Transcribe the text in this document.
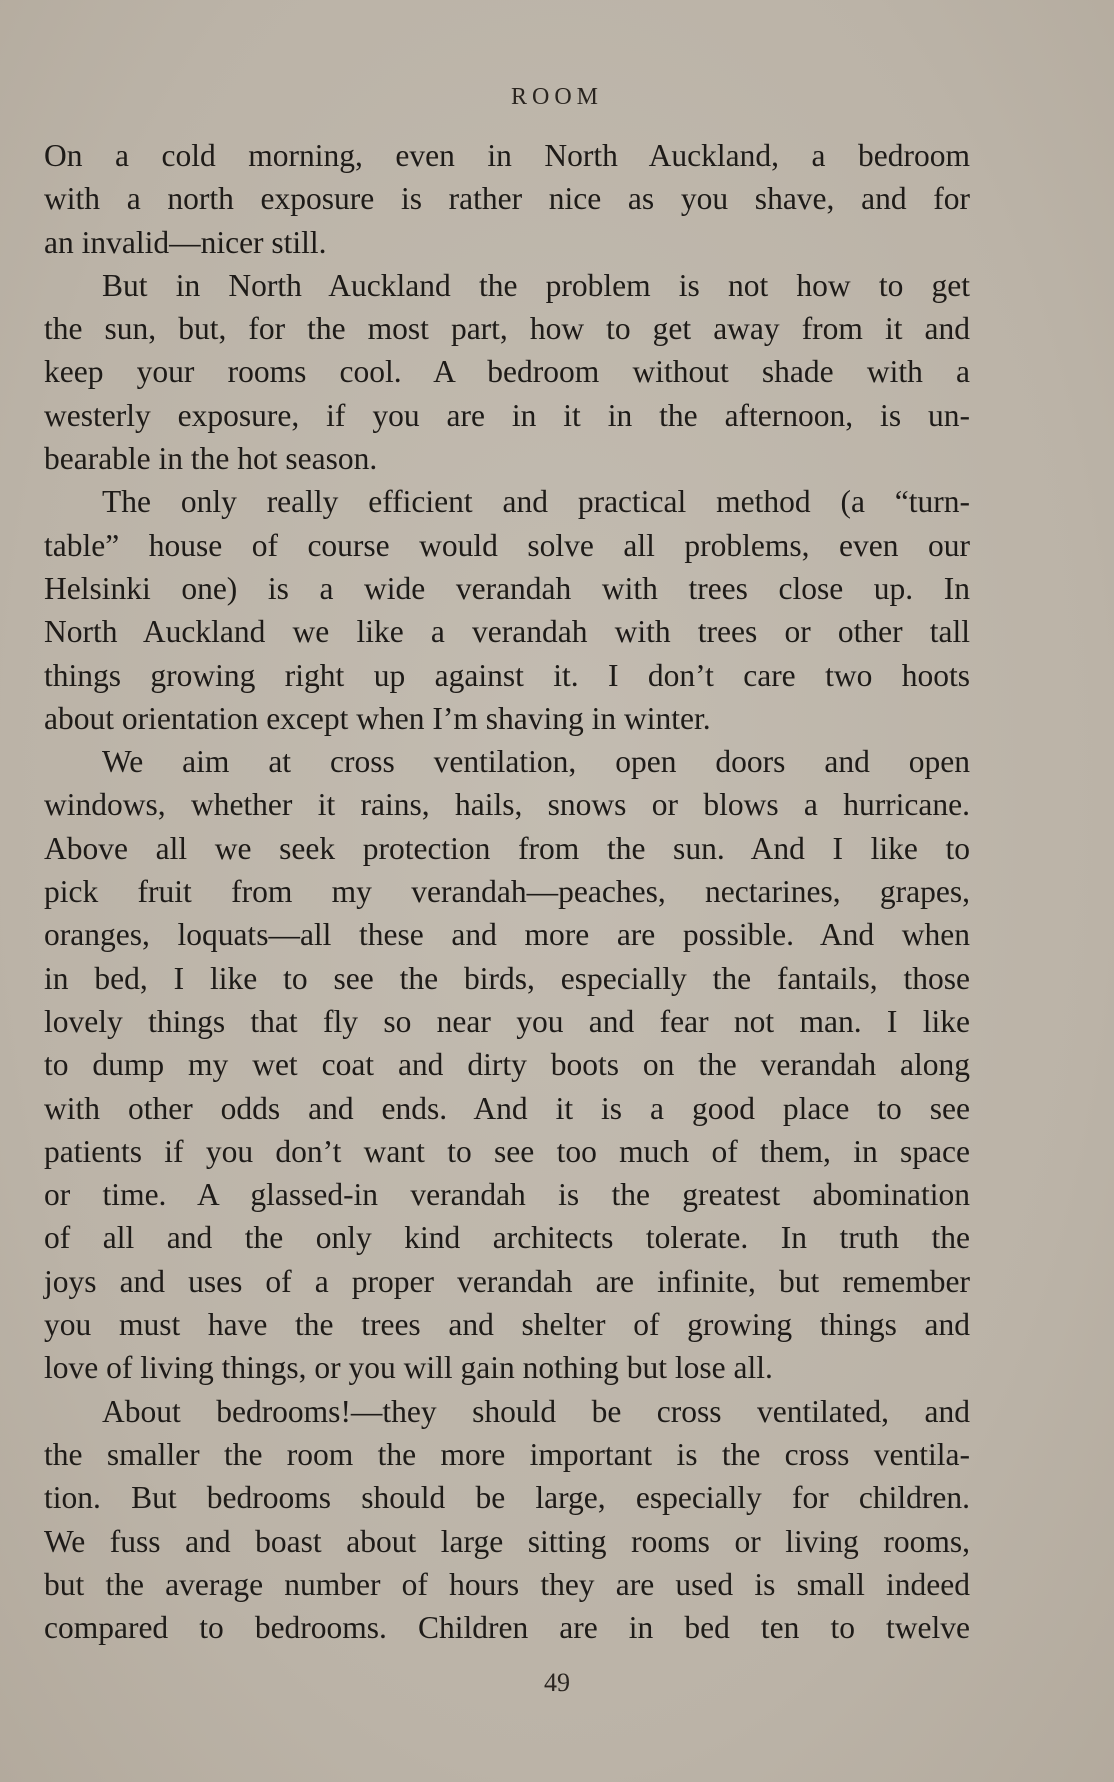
ROOM
On a cold morning, even in North Auckland, a bedroom
with a north exposure is rather nice as you shave, and for
an invalid—nicer still.
But in North Auckland the problem is not how to get
the sun, but, for the most part, how to get away from it and
keep your rooms cool. A bedroom without shade with a
westerly exposure, if you are in it in the afternoon, is un-
bearable in the hot season.
The only really efficient and practical method (a “turn-
table” house of course would solve all problems, even our
Helsinki one) is a wide verandah with trees close up. In
North Auckland we like a verandah with trees or other tall
things growing right up against it. I don’t care two hoots
about orientation except when I’m shaving in winter.
We aim at cross ventilation, open doors and open
windows, whether it rains, hails, snows or blows a hurricane.
Above all we seek protection from the sun. And I like to
pick fruit from my verandah—peaches, nectarines, grapes,
oranges, loquats—all these and more are possible. And when
in bed, I like to see the birds, especially the fantails, those
lovely things that fly so near you and fear not man. I like
to dump my wet coat and dirty boots on the verandah along
with other odds and ends. And it is a good place to see
patients if you don’t want to see too much of them, in space
or time. A glassed-in verandah is the greatest abomination
of all and the only kind architects tolerate. In truth the
joys and uses of a proper verandah are infinite, but remember
you must have the trees and shelter of growing things and
love of living things, or you will gain nothing but lose all.
About bedrooms!—they should be cross ventilated, and
the smaller the room the more important is the cross ventila-
tion. But bedrooms should be large, especially for children.
We fuss and boast about large sitting rooms or living rooms,
but the average number of hours they are used is small indeed
compared to bedrooms. Children are in bed ten to twelve
49
